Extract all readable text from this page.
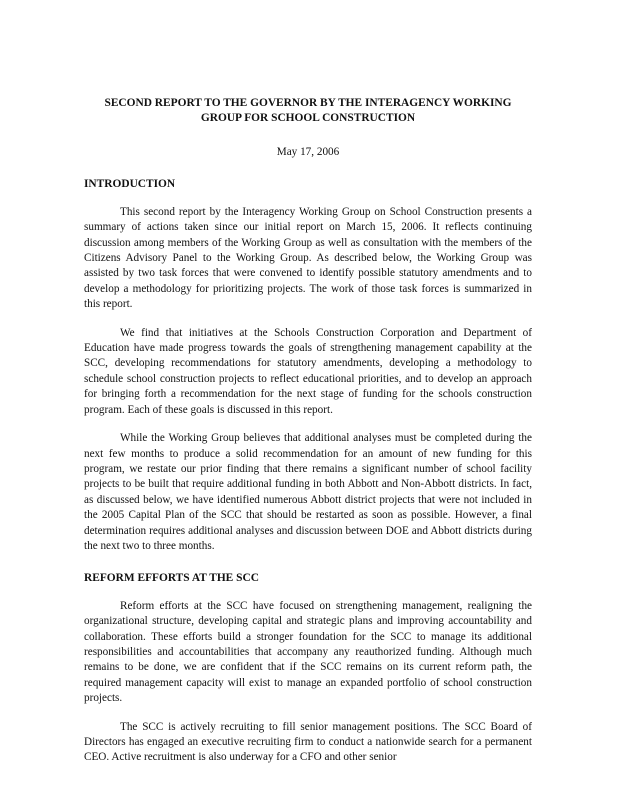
SECOND REPORT TO THE GOVERNOR BY THE INTERAGENCY WORKING
GROUP FOR SCHOOL CONSTRUCTION

May 17, 2006

INTRODUCTION

This second report by the Interagency Working Group on School Construction presents a summary of actions taken since our initial report on March 15, 2006. It reflects continuing discussion among members of the Working Group as well as consultation with the members of the Citizens Advisory Panel to the Working Group. As described below, the Working Group was assisted by two task forces that were convened to identify possible statutory amendments and to develop a methodology for prioritizing projects. The work of those task forces is summarized in this report.

We find that initiatives at the Schools Construction Corporation and Department of Education have made progress towards the goals of strengthening management capability at the SCC, developing recommendations for statutory amendments, developing a methodology to schedule school construction projects to reflect educational priorities, and to develop an approach for bringing forth a recommendation for the next stage of funding for the schools construction program. Each of these goals is discussed in this report.

While the Working Group believes that additional analyses must be completed during the next few months to produce a solid recommendation for an amount of new funding for this program, we restate our prior finding that there remains a significant number of school facility projects to be built that require additional funding in both Abbott and Non-Abbott districts. In fact, as discussed below, we have identified numerous Abbott district projects that were not included in the 2005 Capital Plan of the SCC that should be restarted as soon as possible. However, a final determination requires additional analyses and discussion between DOE and Abbott districts during the next two to three months.

REFORM EFFORTS AT THE SCC

Reform efforts at the SCC have focused on strengthening management, realigning the organizational structure, developing capital and strategic plans and improving accountability and collaboration. These efforts build a stronger foundation for the SCC to manage its additional responsibilities and accountabilities that accompany any reauthorized funding. Although much remains to be done, we are confident that if the SCC remains on its current reform path, the required management capacity will exist to manage an expanded portfolio of school construction projects.

The SCC is actively recruiting to fill senior management positions. The SCC Board of Directors has engaged an executive recruiting firm to conduct a nationwide search for a permanent CEO. Active recruitment is also underway for a CFO and other senior
